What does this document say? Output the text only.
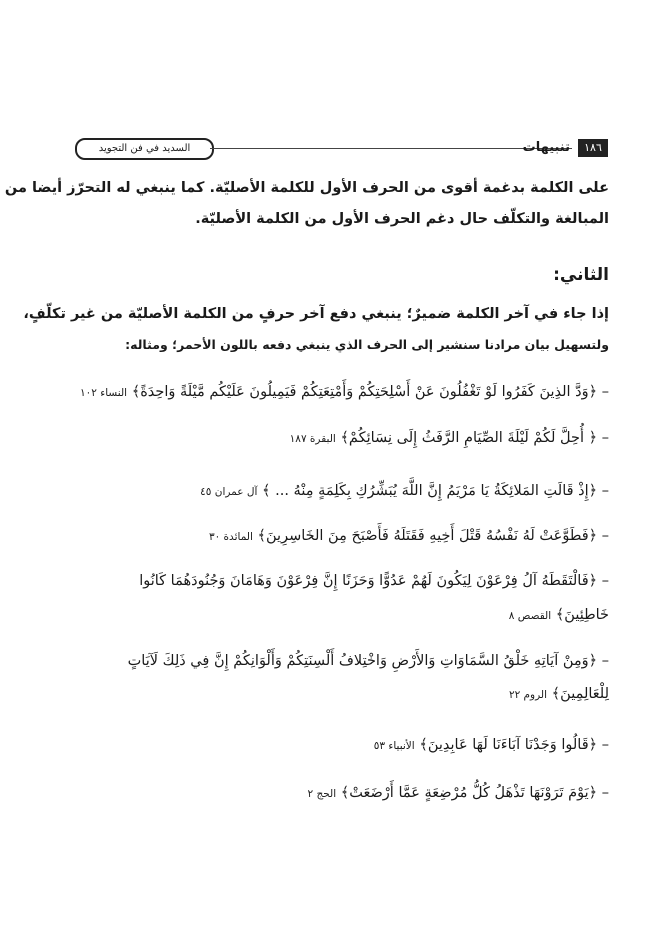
السديد في فن التجويد	تنبيهات	١٨٦
على الكلمة بدغمة أقوى من الحرف الأول للكلمة الأصليّة. كما ينبغي له التحرّز أيضا من
المبالغة والتكلّف حال دغم الحرف الأول من الكلمة الأصليّة.
الثاني:
إذا جاء في آخر الكلمة ضميرٌ؛ ينبغي دفع آخر حرفٍ من الكلمة الأصليّة من غير تكلّفٍ،
ولتسهيل بيان مرادنا سنشير إلى الحرف الذي ينبغي دفعه باللون الأحمر؛ ومثاله:
– ﴿وَدَّ الذِينَ كَفَرُوا لَوْ تَغْفُلُونَ عَنْ أَسْلِحَتِكُمْ وَأَمْتِعَتِكُمْ فَيَمِيلُونَ عَلَيْكُم مَّيْلَةً وَاحِدَةً﴾ النساء ١٠٢
– ﴿ أُحِلَّ لَكُمْ لَيْلَةَ الصِّيَامِ الرَّفَثُ إِلَى نِسَائِكُمْ﴾ البقرة ١٨٧
– ﴿إِذْ قَالَتِ المَلائِكَةُ يَا مَرْيَمُ إِنَّ اللَّهَ يُبَشِّرُكِ بِكَلِمَةٍ مِنْهُ ... ﴾ آل عمران ٤٥
– ﴿فَطَوَّعَتْ لَهُ نَفْسُهُ قَتْلَ أَخِيهِ فَقَتَلَهُ فَأَصْبَحَ مِنَ الخَاسِرِينَ﴾ المائدة ٣٠
– ﴿فَالْتَقَطَهُ آلُ فِرْعَوْنَ لِيَكُونَ لَهُمْ عَدُوًّا وَحَزَنًا إِنَّ فِرْعَوْنَ وَهَامَانَ وَجُنُودَهُمَا كَانُوا
خَاطِئِينَ﴾ القصص ٨
– ﴿وَمِنْ آيَاتِهِ خَلْقُ السَّمَاوَاتِ وَالأَرْضِ وَاخْتِلافُ أَلْسِنَتِكُمْ وَأَلْوَانِكُمْ إِنَّ فِي ذَلِكَ لَآيَاتٍ
لِلْعَالِمِينَ﴾ الروم ٢٢
– ﴿قَالُوا وَجَدْنَا آبَاءَنَا لَهَا عَابِدِينَ﴾ الأنبياء ٥٣
– ﴿يَوْمَ تَرَوْنَهَا تَذْهَلُ كُلُّ مُرْضِعَةٍ عَمَّا أَرْضَعَتْ﴾ الحج ٢
